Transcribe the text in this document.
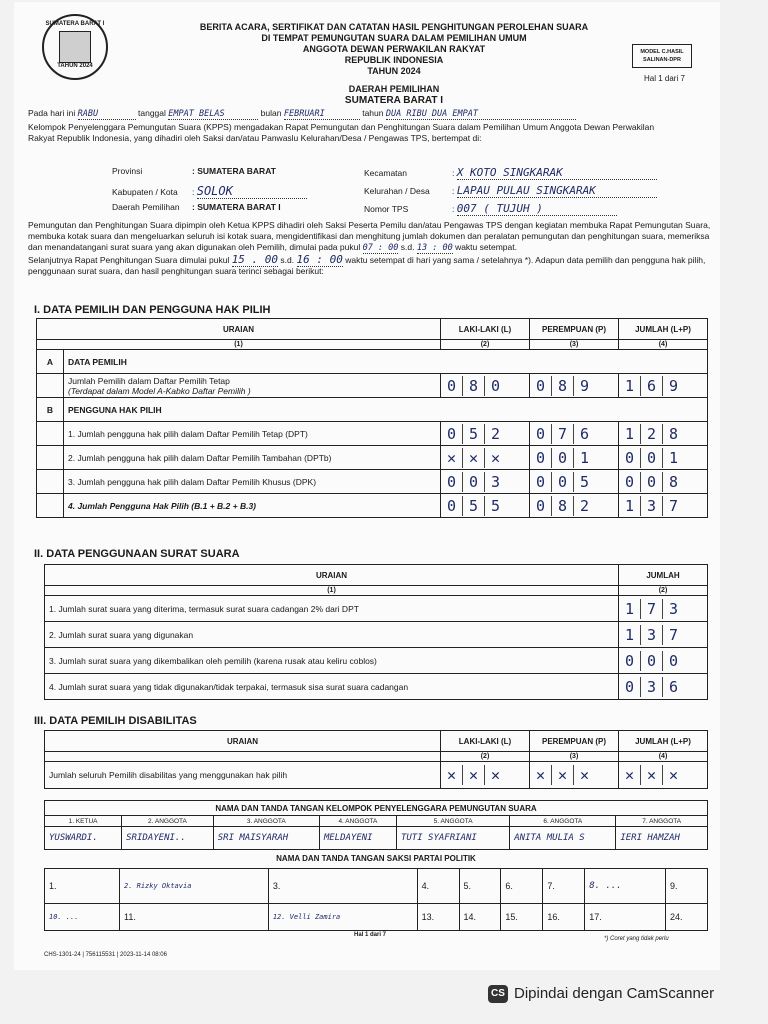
SUMATERA BARAT I
TAHUN 2024
BERITA ACARA, SERTIFIKAT DAN CATATAN HASIL PENGHITUNGAN PEROLEHAN SUARA
DI TEMPAT PEMUNGUTAN SUARA DALAM PEMILIHAN UMUM
ANGGOTA DEWAN PERWAKILAN RAKYAT
REPUBLIK INDONESIA
TAHUN 2024
DAERAH PEMILIHAN
SUMATERA BARAT I
MODEL C.HASIL
SALINAN-DPR
Hal 1 dari 7
Pada hari ini RABU	tanggal EMPAT BELAS	bulan FEBRUARI	tahun DUA RIBU DUA EMPAT
Kelompok Penyelenggara Pemungutan Suara (KPPS) mengadakan Rapat Pemungutan dan Penghitungan Suara dalam Pemilihan Umum Anggota Dewan Perwakilan
Rakyat Republik Indonesia, yang dihadiri oleh Saksi dan/atau Panwaslu Kelurahan/Desa / Pengawas TPS, bertempat di:
Provinsi	: SUMATERA BARAT
Kabupaten / Kota : SOLOK
Daerah Pemilihan : SUMATERA BARAT I
Kecamatan	: X KOTO SINGKARAK
Kelurahan / Desa	: LAPAU PULAU SINGKARAK
Nomor TPS	: 007 ( TUJUH )
Pemungutan dan Penghitungan Suara dipimpin oleh Ketua KPPS dihadiri oleh Saksi Peserta Pemilu dan/atau Pengawas TPS dengan kegiatan membuka Rapat Pemungutan Suara, membuka kotak suara dan mengeluarkan seluruh isi kotak suara, mengidentifikasi dan menghitung jumlah dokumen dan peralatan pemungutan dan penghitungan suara, memeriksa dan menandatangani surat suara yang akan digunakan oleh Pemilih, dimulai pada pukul 07 : 00 s.d. 13 : 00 waktu setempat.
Selanjutnya Rapat Penghitungan Suara dimulai pukul 15 . 00 s.d. 16 : 00 waktu setempat di hari yang sama / setelahnya *). Adapun data pemilih dan pengguna hak pilih, penggunaan surat suara, dan hasil penghitungan suara terinci sebagai berikut:
I. DATA PEMILIH DAN PENGGUNA HAK PILIH
URAIAN		LAKI-LAKI (L)	PEREMPUAN (P)	JUMLAH (L+P)
(1)		(2)	(3)	(4)
A	DATA PEMILIH			

	Jumlah Pemilih dalam Daftar Pemilih Tetap
(Terdapat dalam Model A-Kabko Daftar Pemilih )	0 8 0	0 8 9	1 6 9
B	PENGGUNA HAK PILIH			
	1. Jumlah pengguna hak pilih dalam Daftar Pemilih Tetap (DPT)	0 5 2	0 7 6	1 2 8
	2. Jumlah pengguna hak pilih dalam Daftar Pemilih Tambahan (DPTb)	✕ ✕ ✕	0 0 1	0 0 1
	3. Jumlah pengguna hak pilih dalam Daftar Pemilih Khusus (DPK)	0 0 3	0 0 5	0 0 8
	4. Jumlah Pengguna Hak Pilih (B.1 + B.2 + B.3)	0 5 5	0 8 2	1 3 7
II. DATA PENGGUNAAN SURAT SUARA
URAIAN	JUMLAH
(1)	(2)
1. Jumlah surat suara yang diterima, termasuk surat suara cadangan 2% dari DPT	1 7 3
2. Jumlah surat suara yang digunakan	1 3 7
3. Jumlah surat suara yang dikembalikan oleh pemilih (karena rusak atau keliru coblos)	0 0 0
4. Jumlah surat suara yang tidak digunakan/tidak terpakai, termasuk sisa surat suara cadangan	0 3 6
III. DATA PEMILIH DISABILITAS
URAIAN	LAKI-LAKI (L)	PEREMPUAN (P)	JUMLAH (L+P)
	(2)	(3)	(4)
Jumlah seluruh Pemilih disabilitas yang menggunakan hak pilih	✕ ✕ ✕	✕ ✕ ✕	✕ ✕ ✕
NAMA DAN TANDA TANGAN KELOMPOK PENYELENGGARA PEMUNGUTAN SUARA						
1. KETUA	2. ANGGOTA	3. ANGGOTA	4. ANGGOTA	5. ANGGOTA	6. ANGGOTA	7. ANGGOTA
YUSWARDI.	SRIDAYENI..	SRI MAISYARAH	MELDAYENI	TUTI SYAFRIANI	ANITA MULIA S	IERI HAMZAH
NAMA DAN TANDA TANGAN SAKSI PARTAI POLITIK
1.	2. Rizky Oktavia	3.	4.	5.	6.	7.	8. ...	9.
10. ...	11.	12. Velli Zamira	13.	14.	15.	16.	17.	24.
CHS-1301-24 | 756115531 | 2023-11-14 08:06
Hal 1 dari 7
*) Coret yang tidak perlu
CS Dipindai dengan CamScanner
